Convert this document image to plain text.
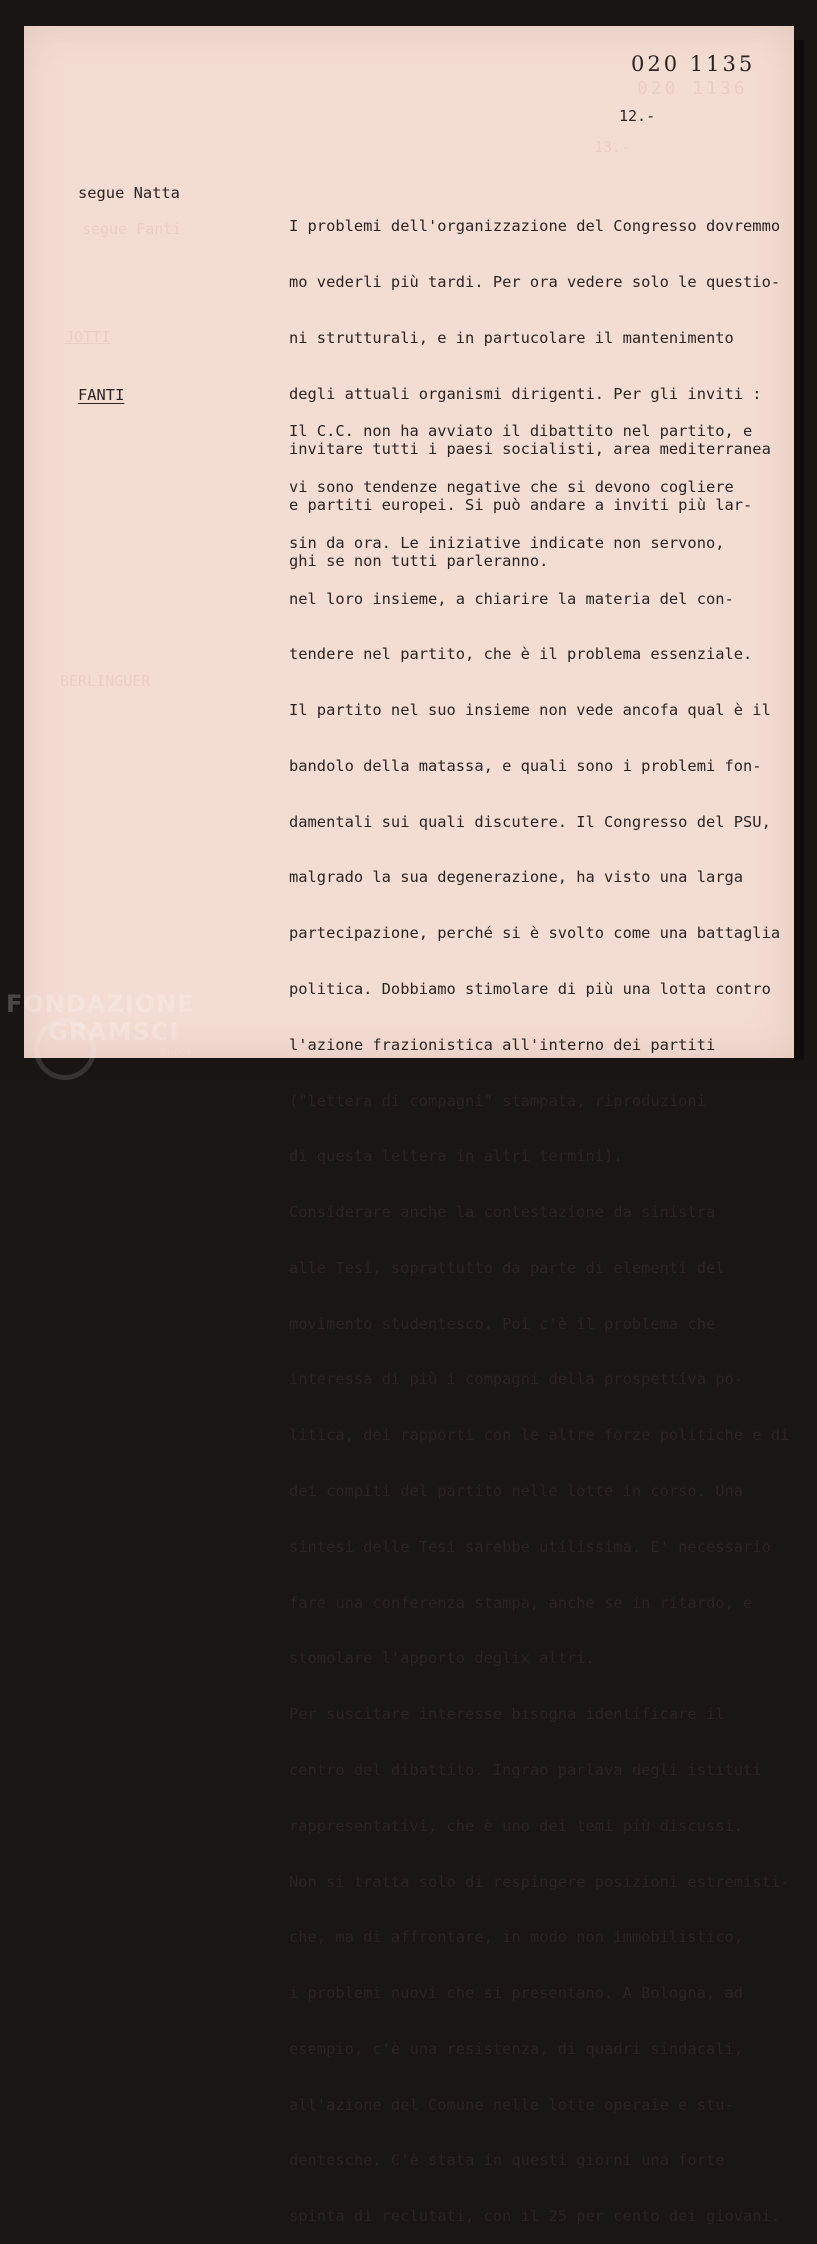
020 1136
13.-
segue Fanti
JOTTI
BERLINGUER
020 1135
12.-
segue Natta

I problemi dell'organizzazione del Congresso dovremmo

mo vederli più tardi. Per ora vedere solo le questio-

ni strutturali, e in partucolare il mantenimento

degli attuali organismi dirigenti. Per gli inviti :

invitare tutti i paesi socialisti, area mediterranea

e partiti europei. Si può andare a inviti più lar-

ghi se non tutti parleranno.

FANTI

Il C.C. non ha avviato il dibattito nel partito, e

vi sono tendenze negative che si devono cogliere

sin da ora. Le iniziative indicate non servono,

nel loro insieme, a chiarire la materia del con-

tendere nel partito, che è il problema essenziale.

Il partito nel suo insieme non vede ancofa qual è il

bandolo della matassa, e quali sono i problemi fon-

damentali sui quali discutere. Il Congresso del PSU,

malgrado la sua degenerazione, ha visto una larga

partecipazione, perché si è svolto come una battaglia

politica. Dobbiamo stimolare di più una lotta contro

l'azione frazionistica all'interno dei partiti

("lettera di compagni" stampata, riproduzioni

di questa lettera in altri termini).

Considerare anche la contestazione da sinistra

alle Tesi, soprattutto da parte di elementi del

movimento studentesco. Poi c'è il problema che

interessa di più i compagni della prospettiva po-

litica, dei rapporti con le altre forze politiche e di

dei compiti del partito nelle lotte in corso. Una

sintesi delle Tesi sarebbe utilissima. E' necessario

fare una conferenza stampa, anche se in ritardo, e

stomolare l'apporto deglix altri.

Per suscitare interesse bisogna identificare il

centro del dibattito. Ingrao parlava degli istituti

rappresentativi, che è uno dei temi più discussi.

Non si tratta solo di respingere posizioni estremisti-

che, ma di affrontare, in modo non immobilistico,

i problemi nuovi che si presentano. A Bologna, ad

esempio, c'è una resistenza, di quadri sindacali,

all'azione del Comune nelle lotte operaie e stu-

dentesche. C'è stata in questi giorni una forte

spinta di reclutati, con il 25 per cento dei giovani.

FONDAZIONE
GRAMSCI
ONLUS
